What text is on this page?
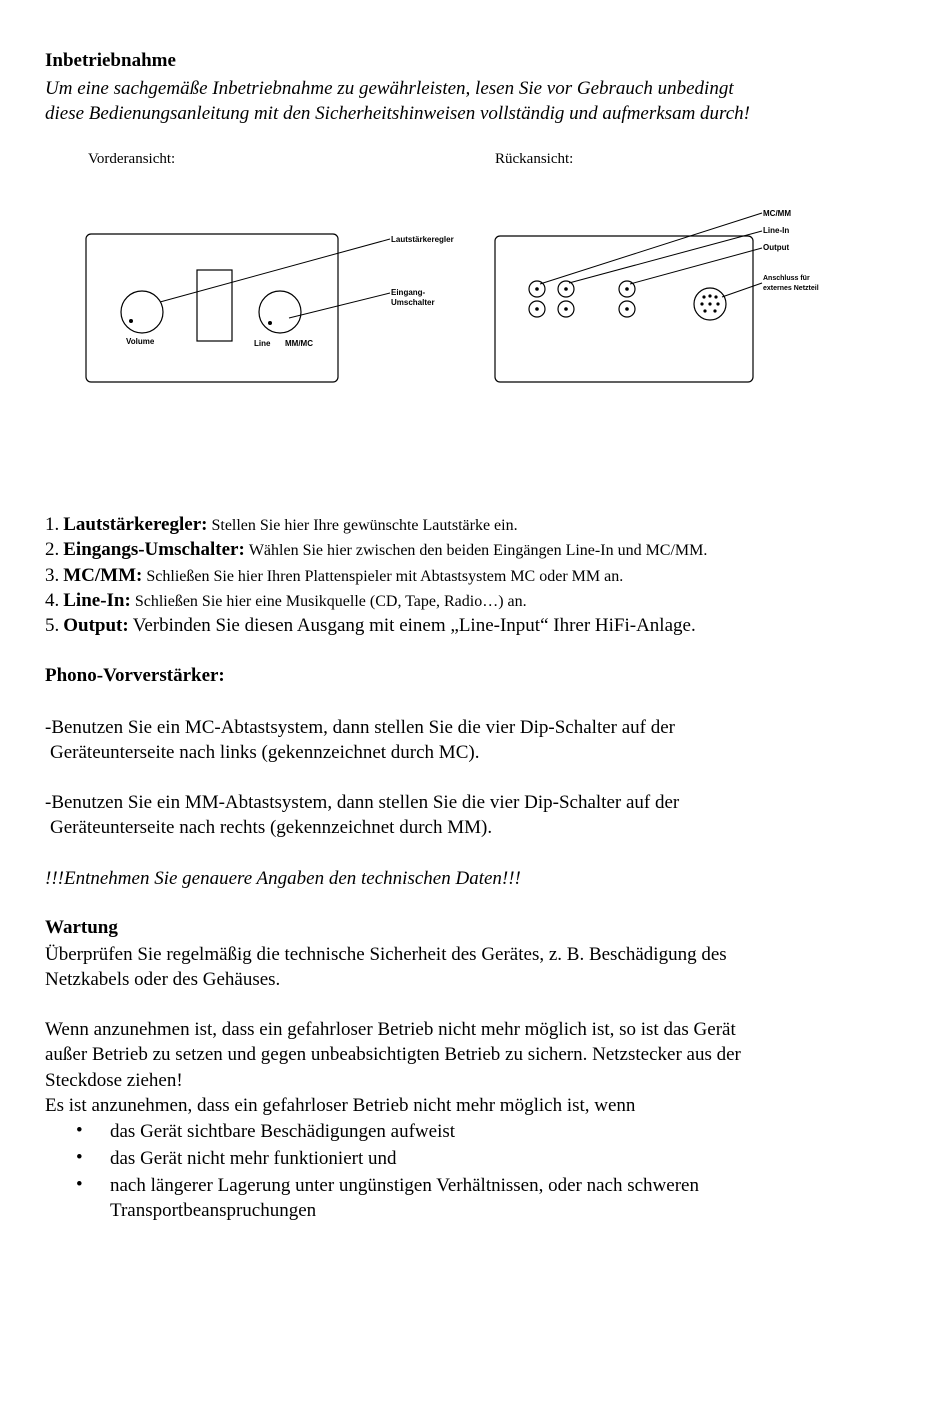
Inbetriebnahme
Um eine sachgemäße Inbetriebnahme zu gewährleisten, lesen Sie vor Gebrauch unbedingt
diese Bedienungsanleitung mit den Sicherheitshinweisen vollständig und aufmerksam durch!
Vorderansicht:	Rückansicht:
Lautstärkeregler
Eingang-
Umschalter
Volume	Line MM/MC
MC/MM
Line-In
Output
Anschluss für
externes Netzteil
1. Lautstärkeregler: Stellen Sie hier Ihre gewünschte Lautstärke ein.
2. Eingangs-Umschalter: Wählen Sie hier zwischen den beiden Eingängen Line-In und MC/MM.
3. MC/MM: Schließen Sie hier Ihren Plattenspieler mit Abtastsystem MC oder MM an.
4. Line-In: Schließen Sie hier eine Musikquelle (CD, Tape, Radio…) an.
5. Output: Verbinden Sie diesen Ausgang mit einem „Line-Input“ Ihrer HiFi-Anlage.
Phono-Vorverstärker:
-Benutzen Sie ein MC-Abtastsystem, dann stellen Sie die vier Dip-Schalter auf der
Geräteunterseite nach links (gekennzeichnet durch MC).
-Benutzen Sie ein MM-Abtastsystem, dann stellen Sie die vier Dip-Schalter auf der
Geräteunterseite nach rechts (gekennzeichnet durch MM).
!!!Entnehmen Sie genauere Angaben den technischen Daten!!!
Wartung
Überprüfen Sie regelmäßig die technische Sicherheit des Gerätes, z. B. Beschädigung des
Netzkabels oder des Gehäuses.
Wenn anzunehmen ist, dass ein gefahrloser Betrieb nicht mehr möglich ist, so ist das Gerät
außer Betrieb zu setzen und gegen unbeabsichtigten Betrieb zu sichern. Netzstecker aus der
Steckdose ziehen!
Es ist anzunehmen, dass ein gefahrloser Betrieb nicht mehr möglich ist, wenn
• das Gerät sichtbare Beschädigungen aufweist
• das Gerät nicht mehr funktioniert und
• nach längerer Lagerung unter ungünstigen Verhältnissen, oder nach schweren
Transportbeanspruchungen
